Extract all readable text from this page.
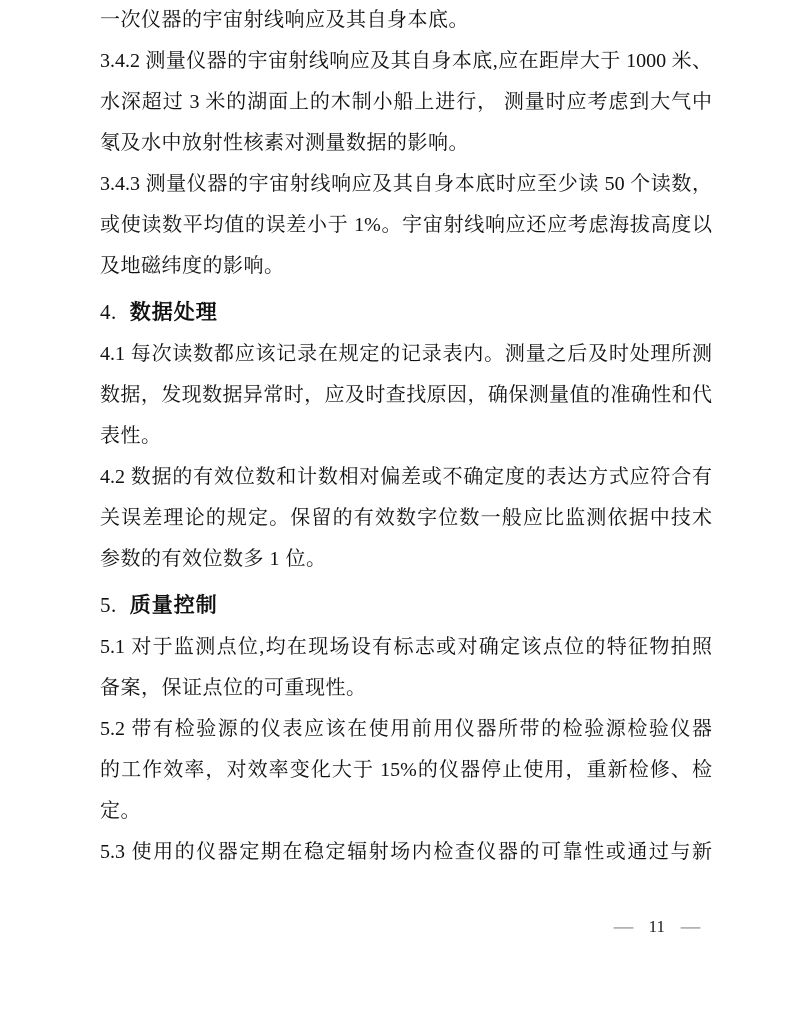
一次仪器的宇宙射线响应及其自身本底。
3.4.2 测量仪器的宇宙射线响应及其自身本底,应在距岸大于 1000 米、
水深超过 3 米的湖面上的木制小船上进行， 测量时应考虑到大气中
氡及水中放射性核素对测量数据的影响。
3.4.3 测量仪器的宇宙射线响应及其自身本底时应至少读 50 个读数，
或使读数平均值的误差小于 1%。宇宙射线响应还应考虑海拔高度以
及地磁纬度的影响。
4. 数据处理
4.1 每次读数都应该记录在规定的记录表内。测量之后及时处理所测
数据，发现数据异常时，应及时查找原因，确保测量值的准确性和代
表性。
4.2 数据的有效位数和计数相对偏差或不确定度的表达方式应符合有
关误差理论的规定。保留的有效数字位数一般应比监测依据中技术
参数的有效位数多 1 位。
5. 质量控制
5.1 对于监测点位,均在现场设有标志或对确定该点位的特征物拍照
备案，保证点位的可重现性。
5.2 带有检验源的仪表应该在使用前用仪器所带的检验源检验仪器
的工作效率，对效率变化大于 15%的仪器停止使用，重新检修、检
定。
5.3 使用的仪器定期在稳定辐射场内检查仪器的可靠性或通过与新
— 11 —
